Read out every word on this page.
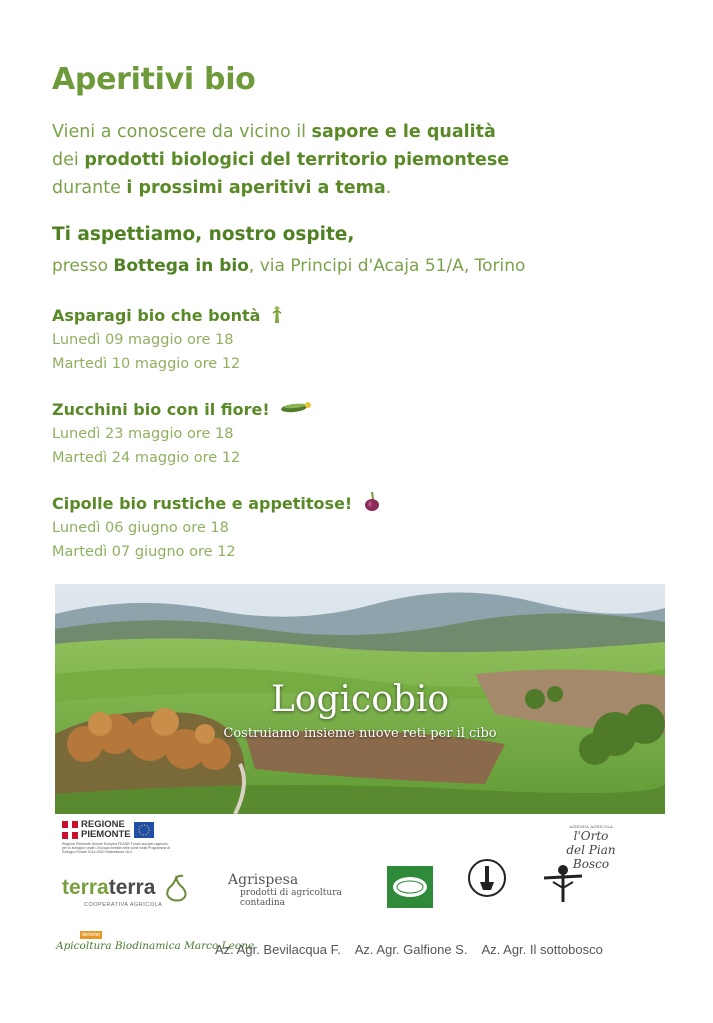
Aperitivi bio
Vieni a conoscere da vicino il sapore e le qualità
dei prodotti biologici del territorio piemontese
durante i prossimi aperitivi a tema.
Ti aspettiamo, nostro ospite,
presso Bottega in bio, via Principi d'Acaja 51/A, Torino
Asparagi bio che bontà
Lunedì 09 maggio ore 18
Martedì 10 maggio ore 12
Zucchini bio con il fiore!
Lunedì 23 maggio ore 18
Martedì 24 maggio ore 12
Cipolle bio rustiche e appetitose!
Lunedì 06 giugno ore 18
Martedì 07 giugno ore 12
Logicobio
Costruiamo insieme nuove reti per il cibo
REGIONE
PIEMONTE
Regione Piemonte Unione Europea FEASR Fondo europeo agricolo per lo sviluppo rurale L'Europa investe nelle zone rurali Programma di Sviluppo Rurale 2014-2020 Sottomisura 16.4
AZIENDA AGRICOLA
l'Orto
del Pian
Bosco
terraterra
COOPERATIVA AGRICOLA
Agrispesa
prodotti di agricoltura
contadina
demeter
Apicoltura Biodinamica Marco Leone
Az. Agr. Bevilacqua F. Az. Agr. Galfione S. Az. Agr. Il sottobosco
